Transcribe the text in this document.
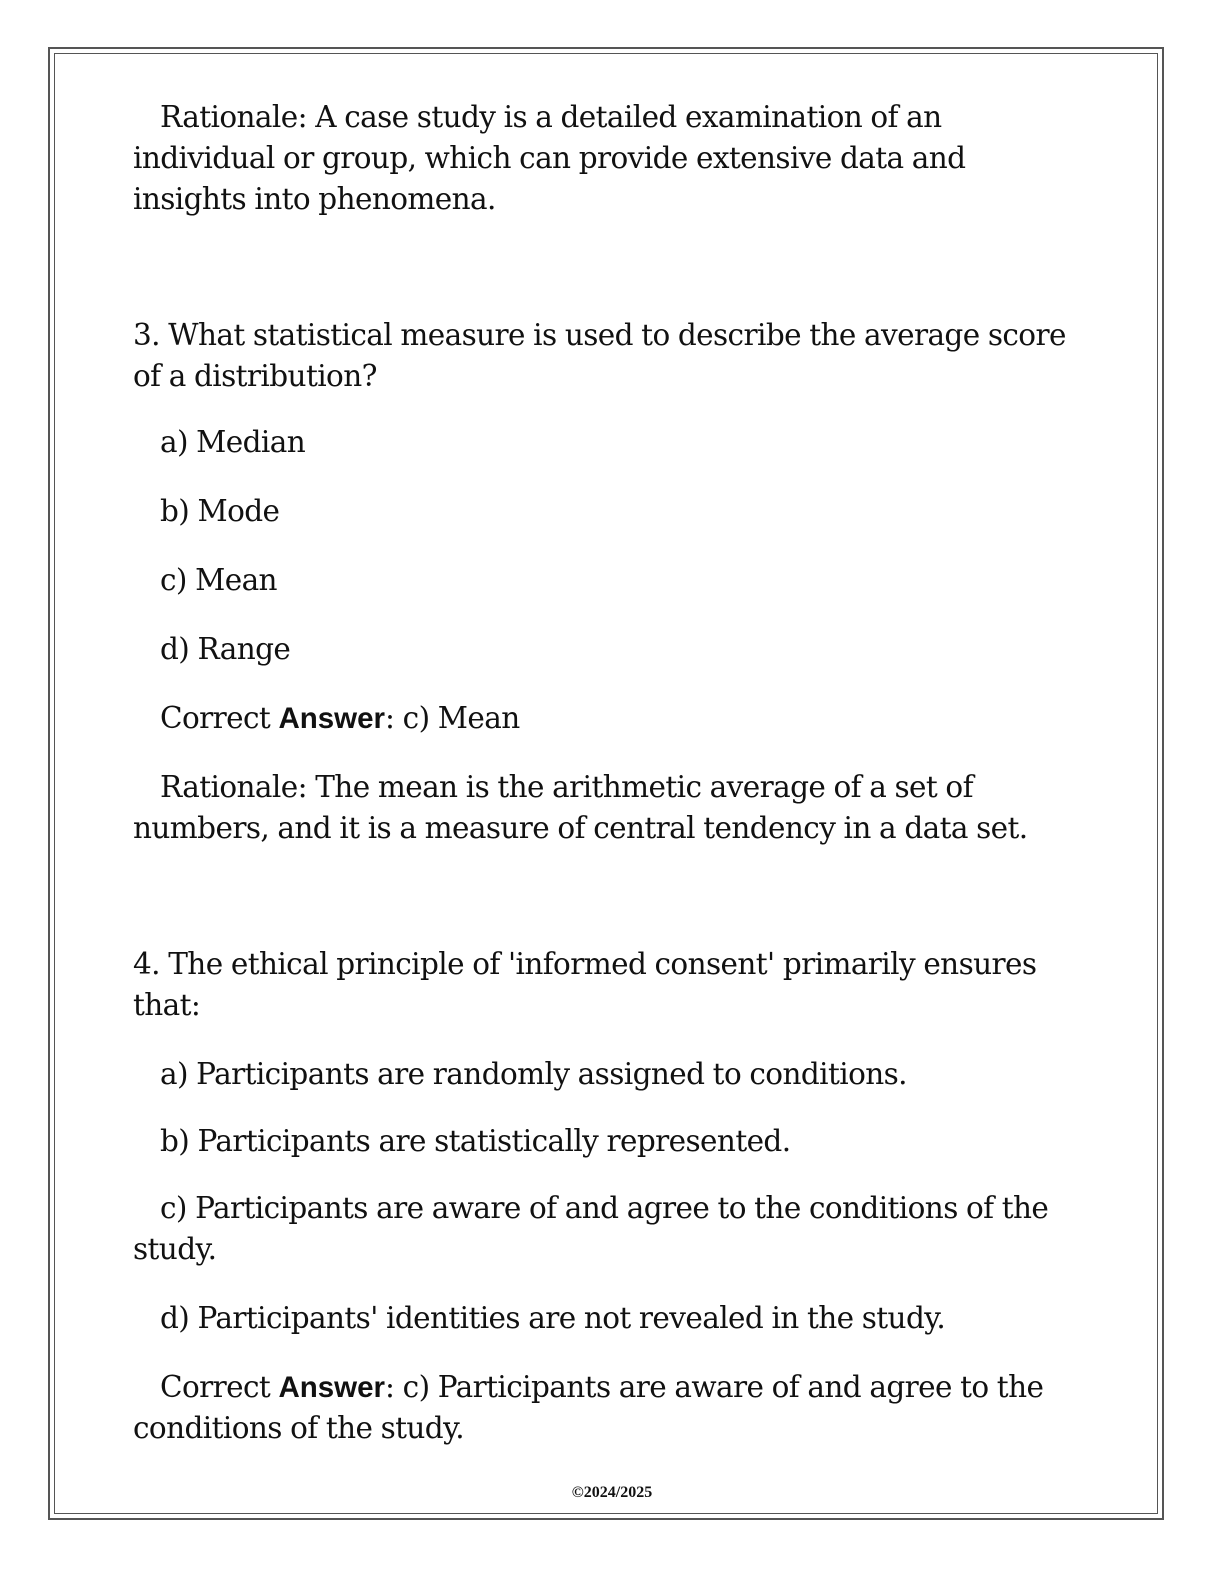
Rationale: A case study is a detailed examination of an individual or group, which can provide extensive data and insights into phenomena.

3. What statistical measure is used to describe the average score of a distribution?

a) Median

b) Mode

c) Mean

d) Range

Correct Answer: c) Mean

Rationale: The mean is the arithmetic average of a set of numbers, and it is a measure of central tendency in a data set.

4. The ethical principle of 'informed consent' primarily ensures that:

a) Participants are randomly assigned to conditions.

b) Participants are statistically represented.

c) Participants are aware of and agree to the conditions of the study.

d) Participants' identities are not revealed in the study.

Correct Answer: c) Participants are aware of and agree to the conditions of the study.

©2024/2025
